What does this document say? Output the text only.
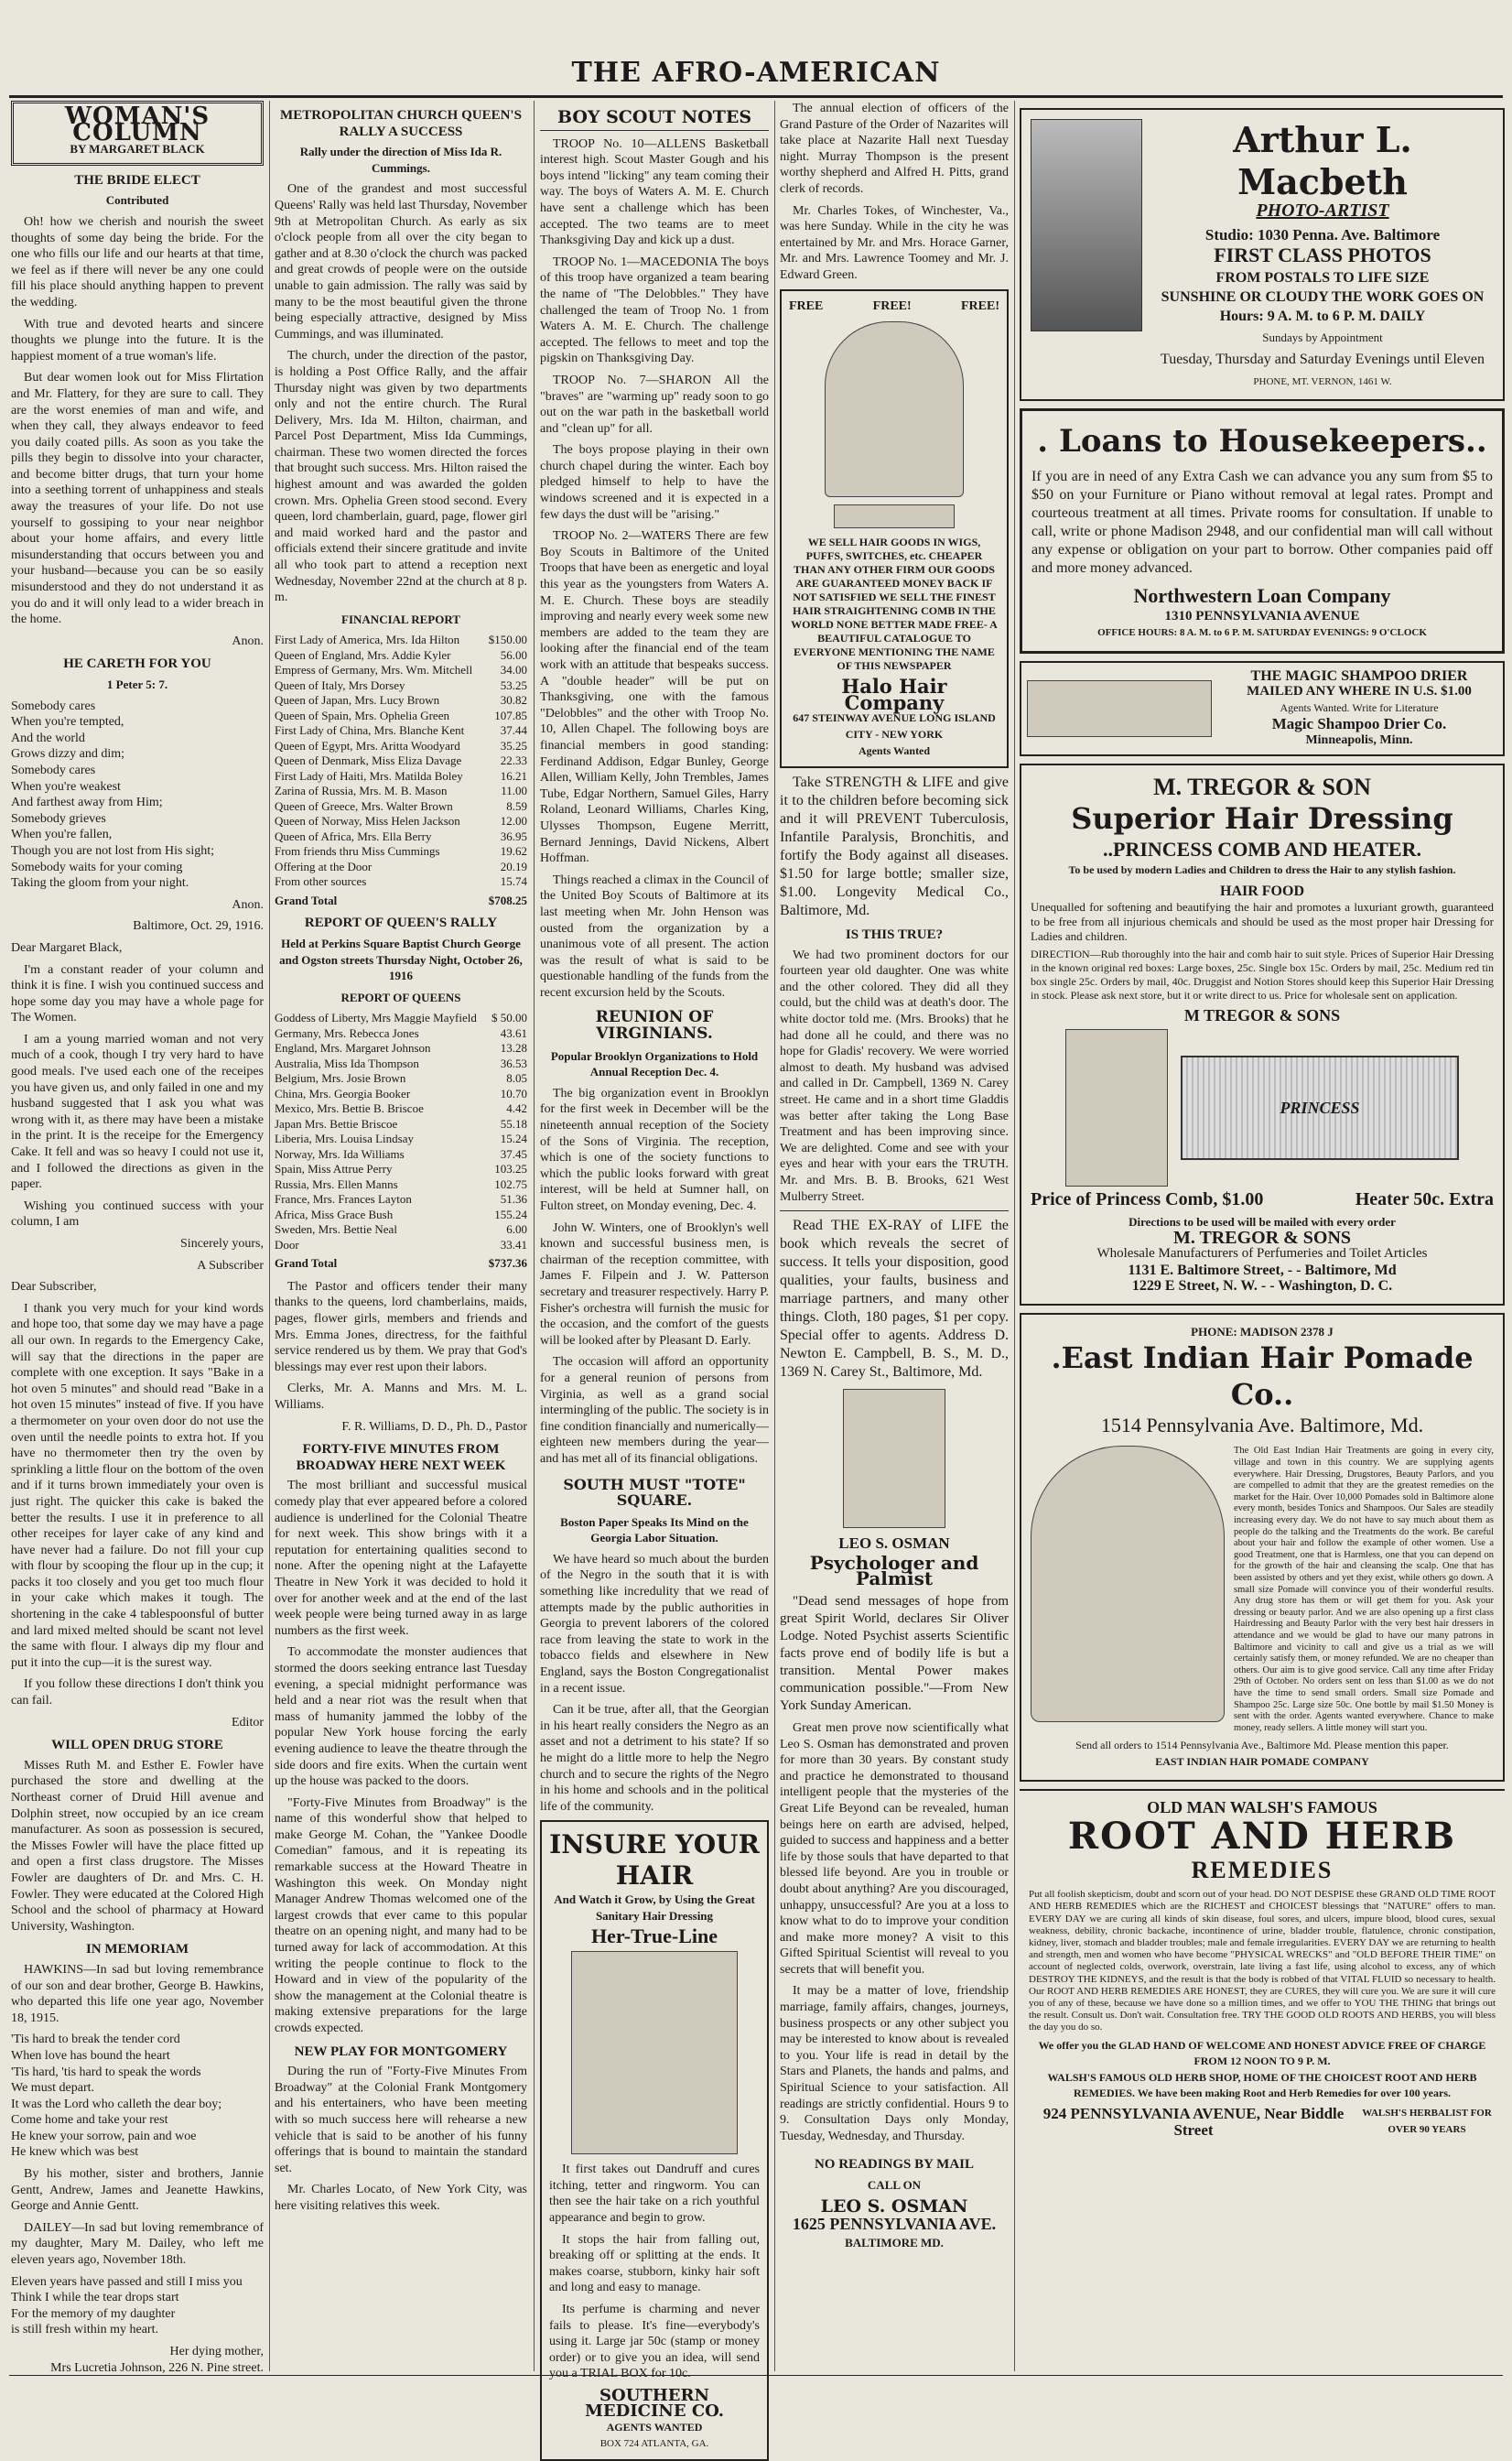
THE AFRO-AMERICAN
WOMAN'S COLUMN
BY MARGARET BLACK
THE BRIDE ELECT
Contributed

Oh! how we cherish and nourish the sweet thoughts of some day being the bride. For the one who fills our life and our hearts at that time, we feel as if there will never be any one could fill his place should anything happen to prevent the wedding.

With true and devoted hearts and sincere thoughts we plunge into the future. It is the happiest moment of a true woman's life.

But dear women look out for Miss Flirtation and Mr. Flattery, for they are sure to call. They are the worst enemies of man and wife, and when they call, they always endeavor to feed you daily coated pills. As soon as you take the pills they begin to dissolve into your character, and become bitter drugs, that turn your home into a seething torrent of unhappiness and steals away the treasures of your life. Do not use yourself to gossiping to your near neighbor about your home affairs, and every little misunderstanding that occurs between you and your husband—because you can be so easily misunderstood and they do not understand it as you do and it will only lead to a wider breach in the home.

Anon.

HE CARETH FOR YOU
1 Peter 5: 7.
Somebody cares
When you're tempted,
And the world
Grows dizzy and dim;
Somebody cares
When you're weakest
And farthest away from Him;
Somebody grieves
When you're fallen,
Though you are not lost from His sight;
Somebody waits for your coming
Taking the gloom from your night.

Anon.

Baltimore, Oct. 29, 1916.

Dear Margaret Black,

I'm a constant reader of your column and think it is fine. I wish you continued success and hope some day you may have a whole page for The Women.

I am a young married woman and not very much of a cook, though I try very hard to have good meals. I've used each one of the receipes you have given us, and only failed in one and my husband suggested that I ask you what was wrong with it, as there may have been a mistake in the print. It is the receipe for the Emergency Cake. It fell and was so heavy I could not use it, and I followed the directions as given in the paper.

Wishing you continued success with your column, I am

Sincerely yours,

A Subscriber

Dear Subscriber,

I thank you very much for your kind words and hope too, that some day we may have a page all our own. In regards to the Emergency Cake, will say that the directions in the paper are complete with one exception. It says "Bake in a hot oven 5 minutes" and should read "Bake in a hot oven 15 minutes" instead of five. If you have a thermometer on your oven door do not use the oven until the needle points to extra hot. If you have no thermometer then try the oven by sprinkling a little flour on the bottom of the oven and if it turns brown immediately your oven is just right. The quicker this cake is baked the better the results. I use it in preference to all other receipes for layer cake of any kind and have never had a failure. Do not fill your cup with flour by scooping the flour up in the cup; it packs it too closely and you get too much flour in your cake which makes it tough. The shortening in the cake 4 tablespoonsful of butter and lard mixed melted should be scant not level the same with flour. I always dip my flour and put it into the cup—it is the surest way.

If you follow these directions I don't think you can fail.

Editor

WILL OPEN DRUG STORE

Misses Ruth M. and Esther E. Fowler have purchased the store and dwelling at the Northeast corner of Druid Hill avenue and Dolphin street, now occupied by an ice cream manufacturer. As soon as possession is secured, the Misses Fowler will have the place fitted up and open a first class drugstore. The Misses Fowler are daughters of Dr. and Mrs. C. H. Fowler. They were educated at the Colored High School and the school of pharmacy at Howard University, Washington.

IN MEMORIAM

HAWKINS—In sad but loving remembrance of our son and dear brother, George B. Hawkins, who departed this life one year ago, November 18, 1915.

'Tis hard to break the tender cord
When love has bound the heart
'Tis hard, 'tis hard to speak the words
We must depart.
It was the Lord who calleth the dear boy;
Come home and take your rest
He knew your sorrow, pain and woe
He knew which was best

By his mother, sister and brothers, Jannie Gentt, Andrew, James and Jeanette Hawkins, George and Annie Gentt.

DAILEY—In sad but loving remembrance of my daughter, Mary M. Dailey, who left me eleven years ago, November 18th.

Eleven years have passed and still I miss you
Think I while the tear drops start
For the memory of my daughter
is still fresh within my heart.
Her dying mother,
Mrs Lucretia Johnson, 226 N. Pine street.
METROPOLITAN CHURCH QUEEN'S RALLY A SUCCESS
Rally under the direction of Miss Ida R. Cummings.

One of the grandest and most successful Queens' Rally was held last Thursday, November 9th at Metropolitan Church. As early as six o'clock people from all over the city began to gather and at 8.30 o'clock the church was packed and great crowds of people were on the outside unable to gain admission. The rally was said by many to be the most beautiful given the throne being especially attractive, designed by Miss Cummings, and was illuminated.

The church, under the direction of the pastor, is holding a Post Office Rally, and the affair Thursday night was given by two departments only and not the entire church. The Rural Delivery, Mrs. Ida M. Hilton, chairman, and Parcel Post Department, Miss Ida Cummings, chairman. These two women directed the forces that brought such success. Mrs. Hilton raised the highest amount and was awarded the golden crown. Mrs. Ophelia Green stood second. Every queen, lord chamberlain, guard, page, flower girl and maid worked hard and the pastor and officials extend their sincere gratitude and invite all who took part to attend a reception next Wednesday, November 22nd at the church at 8 p. m.

FINANCIAL REPORT
First Lady of America, Mrs. Ida Hilton	$150.00
Queen of England, Mrs. Addie Kyler	56.00
Empress of Germany, Mrs. Wm. Mitchell	34.00
Queen of Italy, Mrs Dorsey	53.25
Queen of Japan, Mrs. Lucy Brown	30.82
Queen of Spain, Mrs. Ophelia Green	107.85
First Lady of China, Mrs. Blanche Kent	37.44
Queen of Egypt, Mrs. Aritta Woodyard	35.25
Queen of Denmark, Miss Eliza Davage	22.33
First Lady of Haiti, Mrs. Matilda Boley	16.21
Zarina of Russia, Mrs. M. B. Mason	11.00
Queen of Greece, Mrs. Walter Brown	8.59
Queen of Norway, Miss Helen Jackson	12.00
Queen of Africa, Mrs. Ella Berry	36.95
From friends thru Miss Cummings	19.62
Offering at the Door	20.19
From other sources	15.74
Grand Total	$708.25
REPORT OF QUEEN'S RALLY
Held at Perkins Square Baptist Church George and Ogston streets Thursday Night, October 26, 1916
REPORT OF QUEENS
Goddess of Liberty, Mrs Maggie Mayfield	$ 50.00
Germany, Mrs. Rebecca Jones	43.61
England, Mrs. Margaret Johnson	13.28
Australia, Miss Ida Thompson	36.53
Belgium, Mrs. Josie Brown	8.05
China, Mrs. Georgia Booker	10.70
Mexico, Mrs. Bettie B. Briscoe	4.42
Japan Mrs. Bettie Briscoe	55.18
Liberia, Mrs. Louisa Lindsay	15.24
Norway, Mrs. Ida Williams	37.45
Spain, Miss Attrue Perry	103.25
Russia, Mrs. Ellen Manns	102.75
France, Mrs. Frances Layton	51.36
Africa, Miss Grace Bush	155.24
Sweden, Mrs. Bettie Neal	6.00
Door	33.41
Grand Total	$737.36

The Pastor and officers tender their many thanks to the queens, lord chamberlains, maids, pages, flower girls, members and friends and Mrs. Emma Jones, directress, for the faithful service rendered us by them. We pray that God's blessings may ever rest upon their labors.

Clerks, Mr. A. Manns and Mrs. M. L. Williams.

F. R. Williams, D. D., Ph. D., Pastor

FORTY-FIVE MINUTES FROM BROADWAY HERE NEXT WEEK

The most brilliant and successful musical comedy play that ever appeared before a colored audience is underlined for the Colonial Theatre for next week. This show brings with it a reputation for entertaining qualities second to none. After the opening night at the Lafayette Theatre in New York it was decided to hold it over for another week and at the end of the last week people were being turned away in as large numbers as the first week.

To accommodate the monster audiences that stormed the doors seeking entrance last Tuesday evening, a special midnight performance was held and a near riot was the result when that mass of humanity jammed the lobby of the popular New York house forcing the early evening audience to leave the theatre through the side doors and fire exits. When the curtain went up the house was packed to the doors.

"Forty-Five Minutes from Broadway" is the name of this wonderful show that helped to make George M. Cohan, the "Yankee Doodle Comedian" famous, and it is repeating its remarkable success at the Howard Theatre in Washington this week. On Monday night Manager Andrew Thomas welcomed one of the largest crowds that ever came to this popular theatre on an opening night, and many had to be turned away for lack of accommodation. At this writing the people continue to flock to the Howard and in view of the popularity of the show the management at the Colonial theatre is making extensive preparations for the large crowds expected.

NEW PLAY FOR MONTGOMERY

During the run of "Forty-Five Minutes From Broadway" at the Colonial Frank Montgomery and his entertainers, who have been meeting with so much success here will rehearse a new vehicle that is said to be another of his funny offerings that is bound to maintain the standard set.

Mr. Charles Locato, of New York City, was here visiting relatives this week.

BOY SCOUT NOTES

TROOP No. 10—ALLENS Basketball interest high. Scout Master Gough and his boys intend "licking" any team coming their way. The boys of Waters A. M. E. Church have sent a challenge which has been accepted. The two teams are to meet Thanksgiving Day and kick up a dust.

TROOP No. 1—MACEDONIA The boys of this troop have organized a team bearing the name of "The Delobbles." They have challenged the team of Troop No. 1 from Waters A. M. E. Church. The challenge accepted. The fellows to meet and top the pigskin on Thanksgiving Day.

TROOP No. 7—SHARON All the "braves" are "warming up" ready soon to go out on the war path in the basketball world and "clean up" for all.

The boys propose playing in their own church chapel during the winter. Each boy pledged himself to help to have the windows screened and it is expected in a few days the dust will be "arising."

TROOP No. 2—WATERS There are few Boy Scouts in Baltimore of the United Troops that have been as energetic and loyal this year as the youngsters from Waters A. M. E. Church. These boys are steadily improving and nearly every week some new members are added to the team they are looking after the financial end of the team work with an attitude that bespeaks success. A "double header" will be put on Thanksgiving, one with the famous "Delobbles" and the other with Troop No. 10, Allen Chapel. The following boys are financial members in good standing: Ferdinand Addison, Edgar Bunley, George Allen, William Kelly, John Trembles, James Tube, Edgar Northern, Samuel Giles, Harry Roland, Leonard Williams, Charles King, Ulysses Thompson, Eugene Merritt, Bernard Jennings, David Nickens, Albert Hoffman.

Things reached a climax in the Council of the United Boy Scouts of Baltimore at its last meeting when Mr. John Henson was ousted from the organization by a unanimous vote of all present. The action was the result of what is said to be questionable handling of the funds from the recent excursion held by the Scouts.

REUNION OF VIRGINIANS.
Popular Brooklyn Organizations to Hold Annual Reception Dec. 4.

The big organization event in Brooklyn for the first week in December will be the nineteenth annual reception of the Society of the Sons of Virginia. The reception, which is one of the society functions to which the public looks forward with great interest, will be held at Sumner hall, on Fulton street, on Monday evening, Dec. 4.

John W. Winters, one of Brooklyn's well known and successful business men, is chairman of the reception committee, with James F. Filpein and J. W. Patterson secretary and treasurer respectively. Harry P. Fisher's orchestra will furnish the music for the occasion, and the comfort of the guests will be looked after by Pleasant D. Early.

The occasion will afford an opportunity for a general reunion of persons from Virginia, as well as a grand social intermingling of the public. The society is in fine condition financially and numerically—eighteen new members during the year—and has met all of its financial obligations.

SOUTH MUST "TOTE" SQUARE.
Boston Paper Speaks Its Mind on the Georgia Labor Situation.

We have heard so much about the burden of the Negro in the south that it is with something like incredulity that we read of attempts made by the public authorities in Georgia to prevent laborers of the colored race from leaving the state to work in the tobacco fields and elsewhere in New England, says the Boston Congregationalist in a recent issue.

Can it be true, after all, that the Georgian in his heart really considers the Negro as an asset and not a detriment to his state? If so he might do a little more to help the Negro church and to secure the rights of the Negro in his home and schools and in the political life of the community.

INSURE YOUR HAIR
And Watch it Grow, by Using the Great Sanitary Hair Dressing
Her-True-Line

It first takes out Dandruff and cures itching, tetter and ringworm. You can then see the hair take on a rich youthful appearance and begin to grow.

It stops the hair from falling out, breaking off or splitting at the ends. It makes coarse, stubborn, kinky hair soft and long and easy to manage.

Its perfume is charming and never fails to please. It's fine—everybody's using it. Large jar 50c (stamp or money order) or to give you an idea, will send you a TRIAL BOX for 10c.

SOUTHERN MEDICINE CO.
AGENTS WANTED
BOX 724 ATLANTA, GA.

The annual election of officers of the Grand Pasture of the Order of Nazarites will take place at Nazarite Hall next Tuesday night. Murray Thompson is the present worthy shepherd and Alfred H. Pitts, grand clerk of records.

Mr. Charles Tokes, of Winchester, Va., was here Sunday. While in the city he was entertained by Mr. and Mrs. Horace Garner, Mr. and Mrs. Lawrence Toomey and Mr. J. Edward Green.

FREE	FREE!	FREE!
WE SELL HAIR GOODS IN WIGS, PUFFS, SWITCHES, etc. CHEAPER THAN ANY OTHER FIRM OUR GOODS ARE GUARANTEED MONEY BACK IF NOT SATISFIED WE SELL THE FINEST HAIR STRAIGHTENING COMB IN THE WORLD NONE BETTER MADE FREE- A BEAUTIFUL CATALOGUE TO EVERYONE MENTIONING THE NAME OF THIS NEWSPAPER
Halo Hair Company
647 STEINWAY AVENUE LONG ISLAND CITY - NEW YORK
Agents Wanted

Take STRENGTH & LIFE and give it to the children before becoming sick and it will PREVENT Tuberculosis, Infantile Paralysis, Bronchitis, and fortify the Body against all diseases. $1.50 for large bottle; smaller size, $1.00. Longevity Medical Co., Baltimore, Md.

IS THIS TRUE?

We had two prominent doctors for our fourteen year old daughter. One was white and the other colored. They did all they could, but the child was at death's door. The white doctor told me. (Mrs. Brooks) that he had done all he could, and there was no hope for Gladis' recovery. We were worried almost to death. My husband was advised and called in Dr. Campbell, 1369 N. Carey street. He came and in a short time Gladdis was better after taking the Long Base Treatment and has been improving since. We are delighted. Come and see with your eyes and hear with your ears the TRUTH. Mr. and Mrs. B. B. Brooks, 621 West Mulberry Street.

Read THE EX-RAY of LIFE the book which reveals the secret of success. It tells your disposition, good qualities, your faults, business and marriage partners, and many other things. Cloth, 180 pages, $1 per copy. Special offer to agents. Address D. Newton E. Campbell, B. S., M. D., 1369 N. Carey St., Baltimore, Md.

LEO S. OSMAN
Psychologer and Palmist

"Dead send messages of hope from great Spirit World, declares Sir Oliver Lodge. Noted Psychist asserts Scientific facts prove end of bodily life is but a transition. Mental Power makes communication possible."—From New York Sunday American.

Great men prove now scientifically what Leo S. Osman has demonstrated and proven for more than 30 years. By constant study and practice he demonstrated to thousand intelligent people that the mysteries of the Great Life Beyond can be revealed, human beings here on earth are advised, helped, guided to success and happiness and a better life by those souls that have departed to that blessed life beyond. Are you in trouble or doubt about anything? Are you discouraged, unhappy, unsuccessful? Are you at a loss to know what to do to improve your condition and make more money? A visit to this Gifted Spiritual Scientist will reveal to you secrets that will benefit you.

It may be a matter of love, friendship marriage, family affairs, changes, journeys, business prospects or any other subject you may be interested to know about is revealed to you. Your life is read in detail by the Stars and Planets, the hands and palms, and Spiritual Science to your satisfaction. All readings are strictly confidential. Hours 9 to 9. Consultation Days only Monday, Tuesday, Wednesday, and Thursday.

NO READINGS BY MAIL
CALL ON
LEO S. OSMAN
1625 PENNSYLVANIA AVE.
BALTIMORE MD.
Arthur L. Macbeth
PHOTO-ARTIST
Studio: 1030 Penna. Ave. Baltimore
FIRST CLASS PHOTOS
FROM POSTALS TO LIFE SIZE
SUNSHINE OR CLOUDY THE WORK GOES ON
Hours: 9 A. M. to 6 P. M. DAILY
Sundays by Appointment
Tuesday, Thursday and Saturday Evenings until Eleven
PHONE, MT. VERNON, 1461 W.
. Loans to Housekeepers..
If you are in need of any Extra Cash we can advance you any sum from $5 to $50 on your Furniture or Piano without removal at legal rates. Prompt and courteous treatment at all times. Private rooms for consultation. If unable to call, write or phone Madison 2948, and our confidential man will call without any expense or obligation on your part to borrow. Other companies paid off and more money advanced.
Northwestern Loan Company
1310 PENNSYLVANIA AVENUE
OFFICE HOURS: 8 A. M. to 6 P. M. SATURDAY EVENINGS: 9 O'CLOCK
THE MAGIC SHAMPOO DRIER
MAILED ANY WHERE IN U.S. $1.00
Agents Wanted. Write for Literature
Magic Shampoo Drier Co.
Minneapolis, Minn.
M. TREGOR & SON
Superior Hair Dressing
..PRINCESS COMB AND HEATER.
To be used by modern Ladies and Children to dress the Hair to any stylish fashion.
HAIR FOOD
Unequalled for softening and beautifying the hair and promotes a luxuriant growth, guaranteed to be free from all injurious chemicals and should be used as the most proper hair Dressing for Ladies and children.
DIRECTION—Rub thoroughly into the hair and comb hair to suit style. Prices of Superior Hair Dressing in the known original red boxes: Large boxes, 25c. Single box 15c. Orders by mail, 25c. Medium red tin box single 25c. Orders by mail, 40c. Druggist and Notion Stores should keep this Superior Hair Dressing in stock. Please ask next store, but it or write direct to us. Price for wholesale sent on application.
M TREGOR & SONS
PRINCESS
Price of Princess Comb, $1.00	Heater 50c. Extra
Directions to be used will be mailed with every order
M. TREGOR & SONS
Wholesale Manufacturers of Perfumeries and Toilet Articles
1131 E. Baltimore Street, - - Baltimore, Md
1229 E Street, N. W. - - Washington, D. C.
PHONE: MADISON 2378 J
.East Indian Hair Pomade Co..
1514 Pennsylvania Ave. Baltimore, Md.
The Old East Indian Hair Treatments are going in every city, village and town in this country. We are supplying agents everywhere. Hair Dressing, Drugstores, Beauty Parlors, and you are compelled to admit that they are the greatest remedies on the market for the Hair. Over 10,000 Pomades sold in Baltimore alone every month, besides Tonics and Shampoos. Our Sales are steadily increasing every day. We do not have to say much about them as people do the talking and the Treatments do the work. Be careful about your hair and follow the example of other women. Use a good Treatment, one that is Harmless, one that you can depend on for the growth of the hair and cleansing the scalp. One that has been assisted by others and yet they exist, while others go down. A small size Pomade will convince you of their wonderful results. Any drug store has them or will get them for you. Ask your dressing or beauty parlor. And we are also opening up a first class Hairdressing and Beauty Parlor with the very best hair dressers in attendance and we would be glad to have our many patrons in Baltimore and vicinity to call and give us a trial as we will certainly satisfy them, or money refunded. We are no cheaper than others. Our aim is to give good service. Call any time after Friday 29th of October. No orders sent on less than $1.00 as we do not have the time to send small orders. Small size Pomade and Shampoo 25c. Large size 50c. One bottle by mail $1.50 Money is sent with the order. Agents wanted everywhere. Chance to make money, ready sellers. A little money will start you.
Send all orders to 1514 Pennsylvania Ave., Baltimore Md. Please mention this paper.
EAST INDIAN HAIR POMADE COMPANY
OLD MAN WALSH'S FAMOUS
ROOT AND HERB
REMEDIES
Put all foolish skepticism, doubt and scorn out of your head. DO NOT DESPISE these GRAND OLD TIME ROOT AND HERB REMEDIES which are the RICHEST and CHOICEST blessings that "NATURE" offers to man. EVERY DAY we are curing all kinds of skin disease, foul sores, and ulcers, impure blood, blood cures, sexual weakness, debility, chronic backache, incontinence of urine, bladder trouble, flatulence, chronic constipation, kidney, liver, stomach and bladder troubles; male and female irregularities. EVERY DAY we are returning to health and strength, men and women who have become "PHYSICAL WRECKS" and "OLD BEFORE THEIR TIME" on account of neglected colds, overwork, overstrain, late living a fast life, using alcohol to excess, any of which DESTROY THE KIDNEYS, and the result is that the body is robbed of that VITAL FLUID so necessary to health. Our ROOT AND HERB REMEDIES ARE HONEST, they are CURES, they will cure you. We are sure it will cure you of any of these, because we have done so a million times, and we offer to YOU THE THING that brings out the result. Consult us. Don't wait. Consultation free. TRY THE GOOD OLD ROOTS AND HERBS, you will bless the day you do so.
We offer you the GLAD HAND OF WELCOME AND HONEST ADVICE FREE OF CHARGE FROM 12 NOON TO 9 P. M.
WALSH'S FAMOUS OLD HERB SHOP, HOME OF THE CHOICEST ROOT AND HERB REMEDIES. We have been making Root and Herb Remedies for over 100 years.
924 PENNSYLVANIA AVENUE, Near Biddle Street
WALSH'S HERBALIST FOR OVER 90 YEARS
